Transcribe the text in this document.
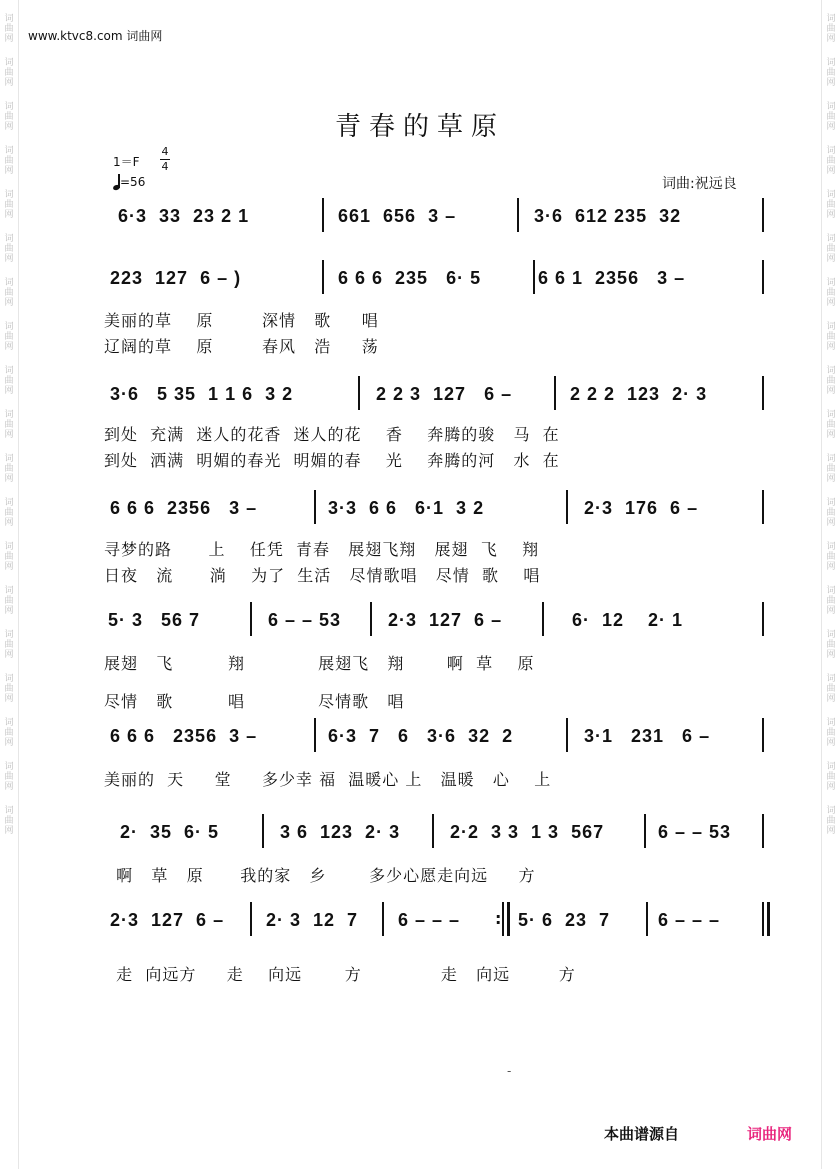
词
曲
网
词
曲
网
词
曲
网
词
曲
网
词
曲
网
词
曲
网
词
曲
网
词
曲
网
词
曲
网
词
曲
网
词
曲
网
词
曲
网
词
曲
网
词
曲
网
词
曲
网
词
曲
网
词
曲
网
词
曲
网
词
曲
网
词
曲
网
词
曲
网
词
曲
网
词
曲
网
词
曲
网
词
曲
网
词
曲
网
词
曲
网
词
曲
网
词
曲
网
词
曲
网
词
曲
网
词
曲
网
词
曲
网
词
曲
网
词
曲
网
词
曲
网
词
曲
网
词
曲
网
www.ktvc8.com 词曲网
青春的草原
1＝F
4
4
=56	词曲:祝远良
6·3  33  23 2 1	661  656  3 –	3·6  612 235  32
223  127  6 – )	6 6 6  235   6· 5	6 6 1  2356   3 –
美丽的草    原        深情   歌     唱
辽阔的草    原        春风   浩     荡
3·6   5 35  1 1 6  3 2	2 2 3  127   6 –	2 2 2  123  2· 3
到处  充满  迷人的花香  迷人的花    香    奔腾的骏   马  在
到处  洒满  明媚的春光  明媚的春    光    奔腾的河   水  在
6 6 6  2356   3 –	3·3  6 6   6·1  3 2	2·3  176  6 –
寻梦的路      上    任凭  青春   展翅飞翔   展翅  飞    翔
日夜   流      淌    为了  生活   尽情歌唱   尽情  歌    唱
5· 3   56 7	6 – – 53	2·3  127  6 –	6·  12    2· 1
展翅   飞         翔            展翅飞   翔       啊  草    原
尽情   歌         唱            尽情歌   唱
6 6 6   2356  3 –	6·3  7   6   3·6  32  2	3·1   231   6 –
美丽的  天     堂     多少幸 福  温暖心 上   温暖   心    上
2·  35  6· 5	3 6  123  2· 3	2·2  3 3  1 3  567	6 – – 53
啊   草   原      我的家   乡       多少心愿走向远     方
2·3  127  6 – 2· 3  12  7 6 – – –
:	5· 6  23  7	6 – – –
走  向远方     走    向远       方             走   向远        方
-
本曲谱源自	词曲网
